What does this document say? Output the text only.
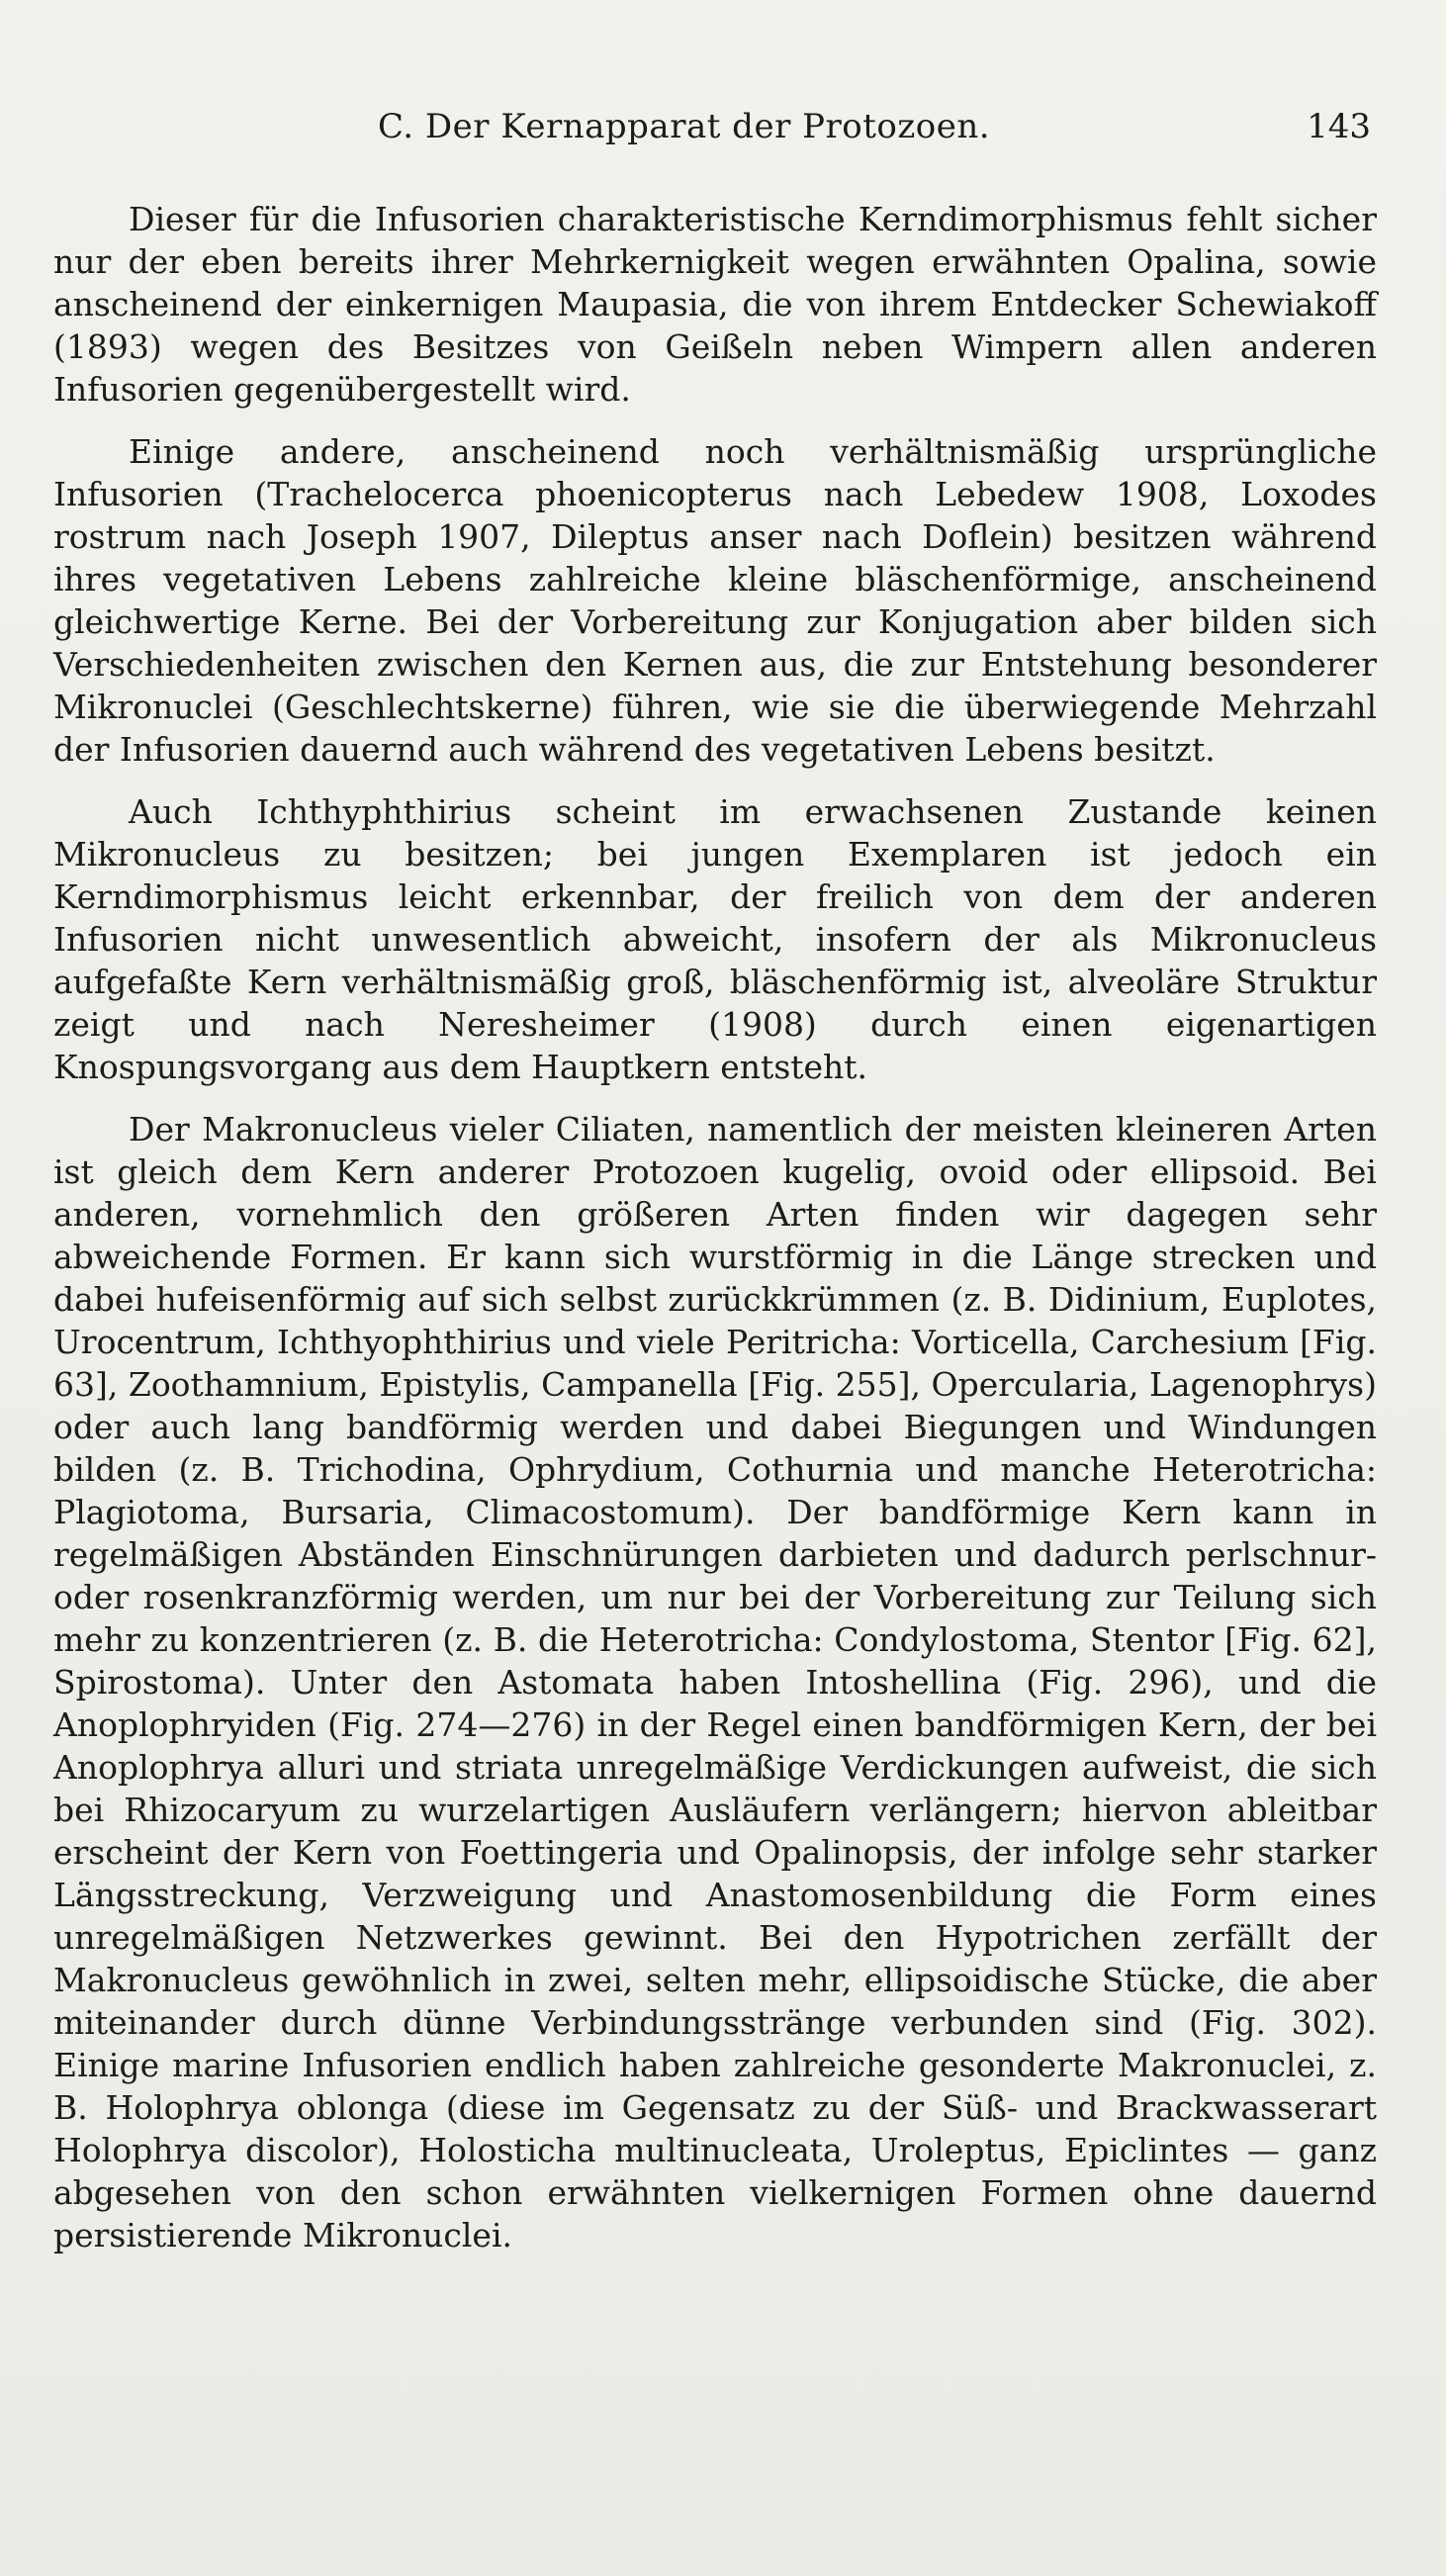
C. Der Kernapparat der Protozoen.	143

Dieser für die Infusorien charakteristische Kerndimorphismus fehlt sicher nur der eben bereits ihrer Mehrkernigkeit wegen erwähnten Opalina, sowie anscheinend der einkernigen Maupasia, die von ihrem Entdecker Schewiakoff (1893) wegen des Besitzes von Geißeln neben Wimpern allen anderen Infusorien gegenübergestellt wird.

Einige andere, anscheinend noch verhältnismäßig ursprüngliche Infusorien (Trachelocerca phoenicopterus nach Lebedew 1908, Loxodes rostrum nach Joseph 1907, Dileptus anser nach Doflein) besitzen während ihres vegetativen Lebens zahlreiche kleine bläschenförmige, anscheinend gleichwertige Kerne. Bei der Vorbereitung zur Konjugation aber bilden sich Verschiedenheiten zwischen den Kernen aus, die zur Entstehung besonderer Mikronuclei (Geschlechtskerne) führen, wie sie die überwiegende Mehrzahl der Infusorien dauernd auch während des vegetativen Lebens besitzt.

Auch Ichthyphthirius scheint im erwachsenen Zustande keinen Mikronucleus zu besitzen; bei jungen Exemplaren ist jedoch ein Kerndimorphismus leicht erkennbar, der freilich von dem der anderen Infusorien nicht unwesentlich abweicht, insofern der als Mikronucleus aufgefaßte Kern verhältnismäßig groß, bläschenförmig ist, alveoläre Struktur zeigt und nach Neresheimer (1908) durch einen eigenartigen Knospungsvorgang aus dem Hauptkern entsteht.

Der Makronucleus vieler Ciliaten, namentlich der meisten kleineren Arten ist gleich dem Kern anderer Protozoen kugelig, ovoid oder ellipsoid. Bei anderen, vornehmlich den größeren Arten finden wir dagegen sehr abweichende Formen. Er kann sich wurstförmig in die Länge strecken und dabei hufeisenförmig auf sich selbst zurückkrümmen (z. B. Didinium, Euplotes, Urocentrum, Ichthyophthirius und viele Peritricha: Vorticella, Carchesium [Fig. 63], Zoothamnium, Epistylis, Campanella [Fig. 255], Opercularia, Lagenophrys) oder auch lang bandförmig werden und dabei Biegungen und Windungen bilden (z. B. Trichodina, Ophrydium, Cothurnia und manche Heterotricha: Plagiotoma, Bursaria, Climacostomum). Der bandförmige Kern kann in regelmäßigen Abständen Einschnürungen darbieten und dadurch perlschnur- oder rosenkranzförmig werden, um nur bei der Vorbereitung zur Teilung sich mehr zu konzentrieren (z. B. die Heterotricha: Condylostoma, Stentor [Fig. 62], Spirostoma). Unter den Astomata haben Intoshellina (Fig. 296), und die Anoplophryiden (Fig. 274—276) in der Regel einen bandförmigen Kern, der bei Anoplophrya alluri und striata unregelmäßige Verdickungen aufweist, die sich bei Rhizocaryum zu wurzelartigen Ausläufern verlängern; hiervon ableitbar erscheint der Kern von Foettingeria und Opalinopsis, der infolge sehr starker Längsstreckung, Verzweigung und Anastomosenbildung die Form eines unregelmäßigen Netzwerkes gewinnt. Bei den Hypotrichen zerfällt der Makronucleus gewöhnlich in zwei, selten mehr, ellipsoidische Stücke, die aber miteinander durch dünne Verbindungsstränge verbunden sind (Fig. 302). Einige marine Infusorien endlich haben zahlreiche gesonderte Makronuclei, z. B. Holophrya oblonga (diese im Gegensatz zu der Süß- und Brackwasserart Holophrya discolor), Holosticha multinucleata, Uroleptus, Epiclintes — ganz abgesehen von den schon erwähnten vielkernigen Formen ohne dauernd persistierende Mikronuclei.
